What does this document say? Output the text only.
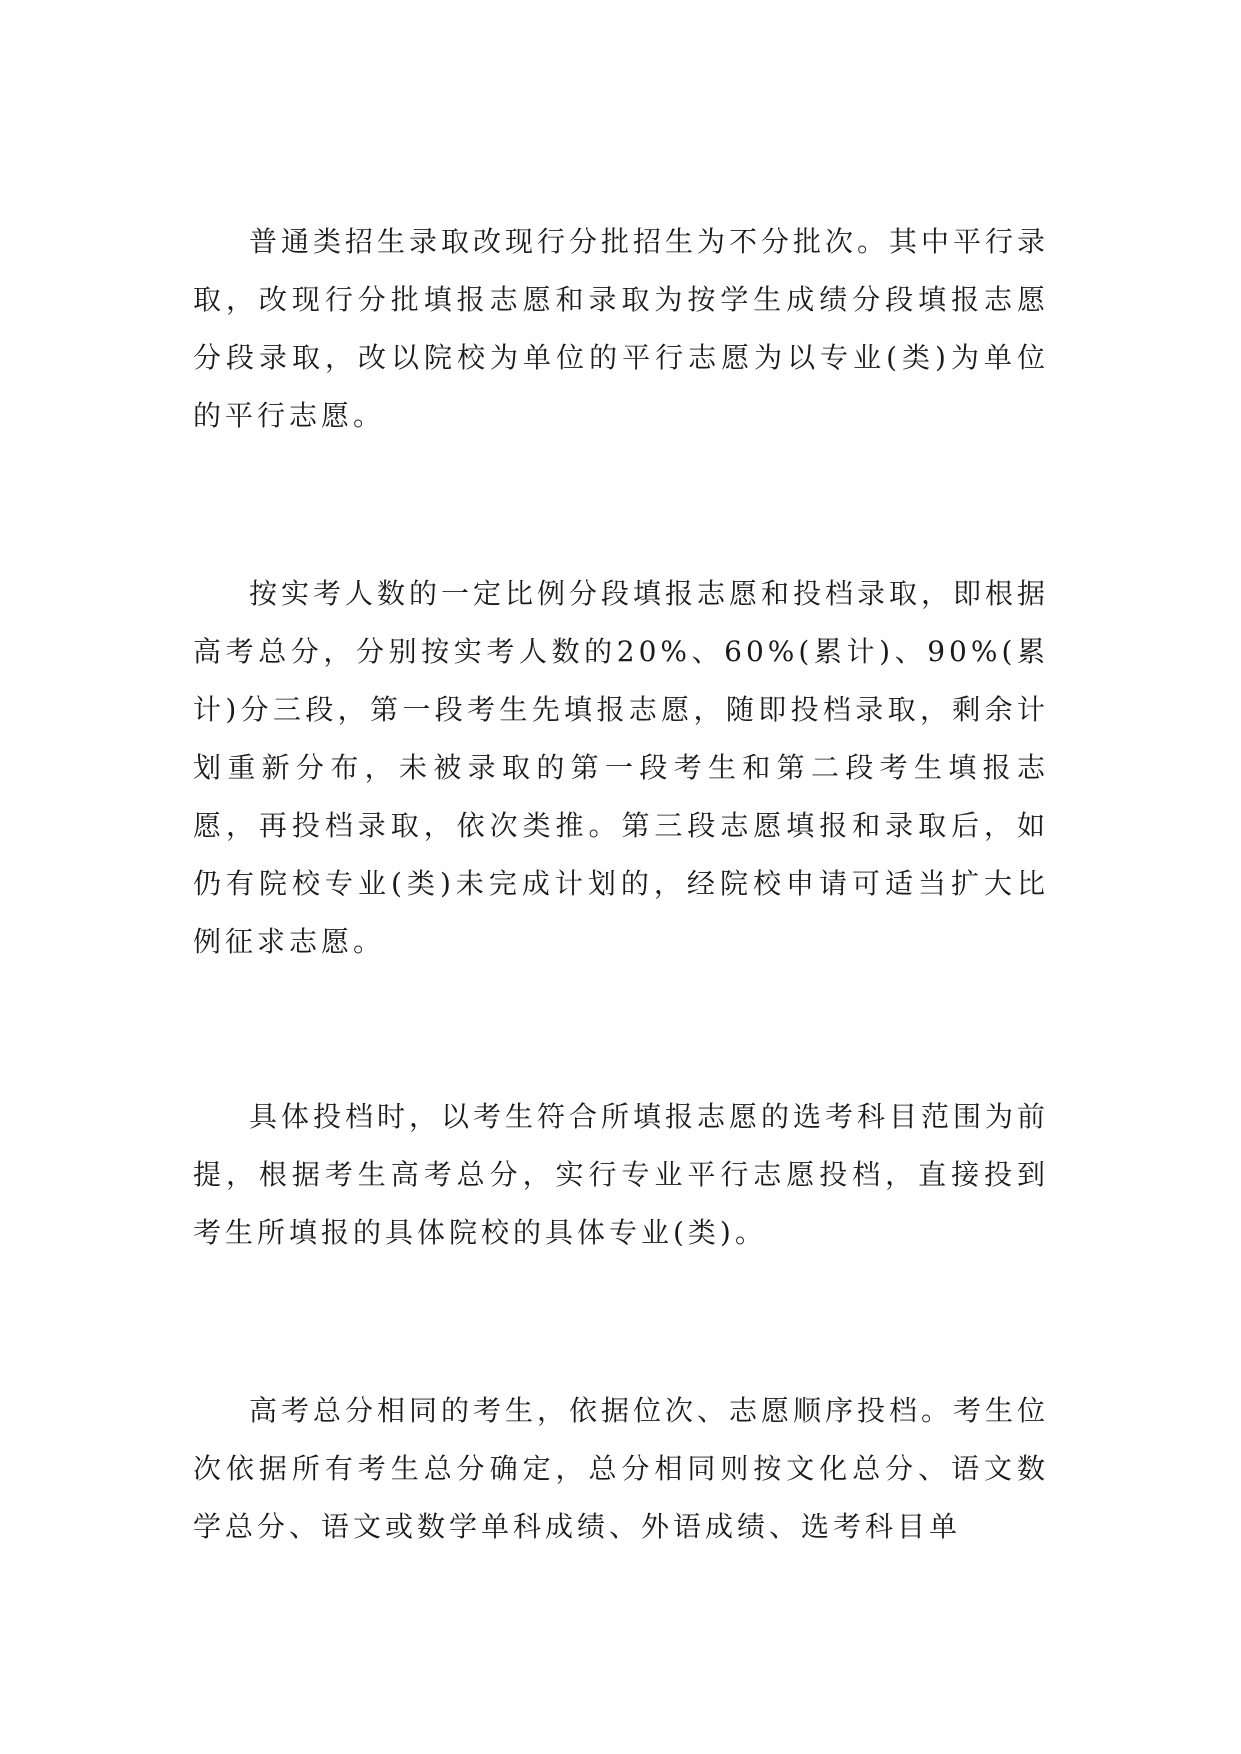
普通类招生录取改现行分批招生为不分批次。其中平行录取，改现行分批填报志愿和录取为按学生成绩分段填报志愿分段录取，改以院校为单位的平行志愿为以专业(类)为单位的平行志愿。

按实考人数的一定比例分段填报志愿和投档录取，即根据高考总分，分别按实考人数的20%、60%(累计)、90%(累计)分三段，第一段考生先填报志愿，随即投档录取，剩余计划重新分布，未被录取的第一段考生和第二段考生填报志愿，再投档录取，依次类推。第三段志愿填报和录取后，如仍有院校专业(类)未完成计划的，经院校申请可适当扩大比例征求志愿。

具体投档时，以考生符合所填报志愿的选考科目范围为前提，根据考生高考总分，实行专业平行志愿投档，直接投到考生所填报的具体院校的具体专业(类)。

高考总分相同的考生，依据位次、志愿顺序投档。考生位次依据所有考生总分确定，总分相同则按文化总分、语文数学总分、语文或数学单科成绩、外语成绩、选考科目单
